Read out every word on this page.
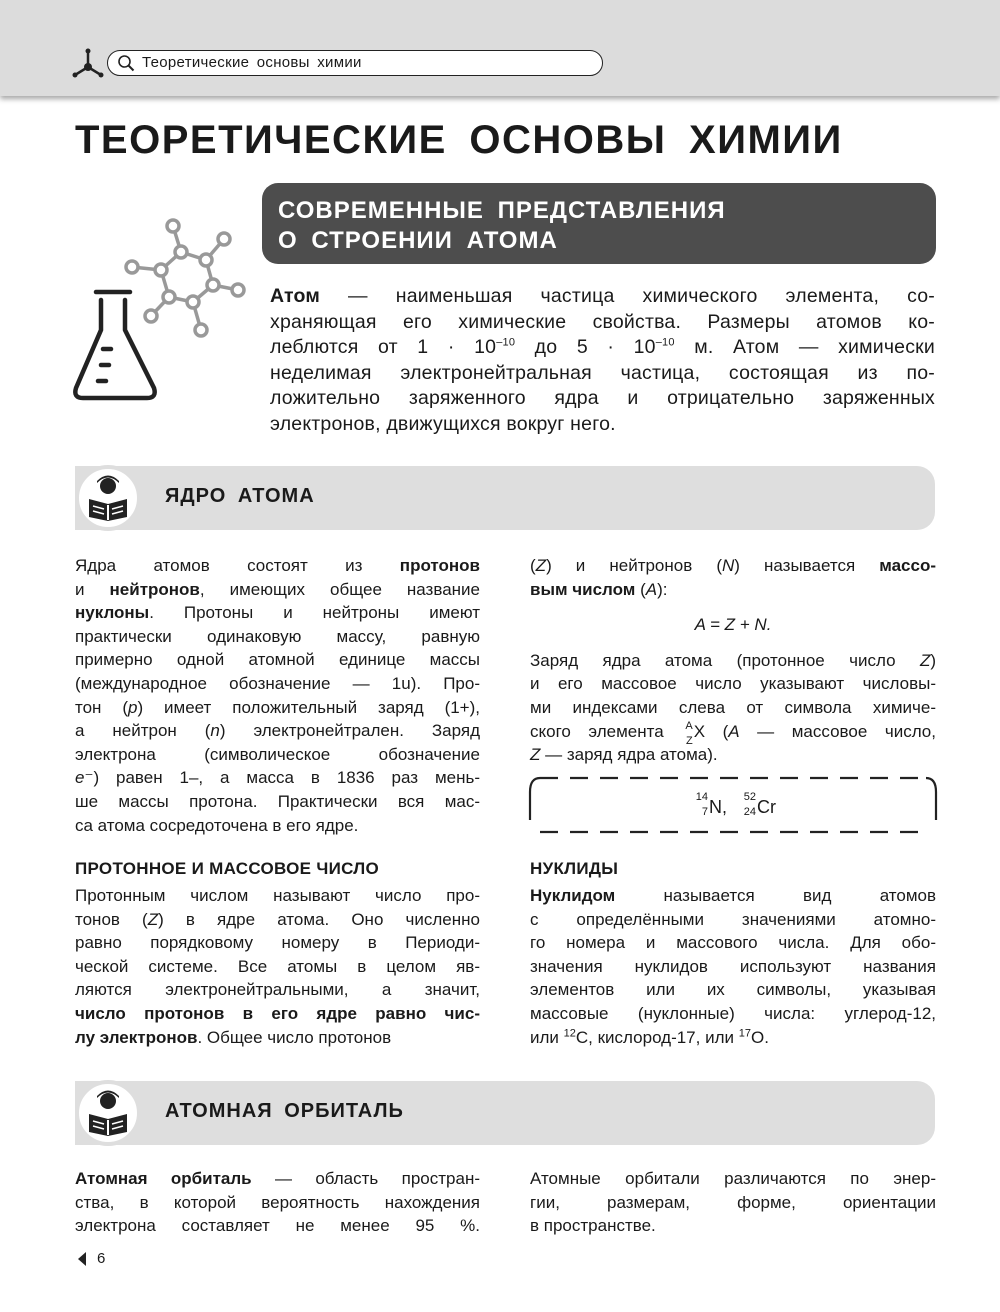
Теоретические основы химии
ТЕОРЕТИЧЕСКИЕ ОСНОВЫ ХИМИИ
СОВРЕМЕННЫЕ ПРЕДСТАВЛЕНИЯ
О СТРОЕНИИ АТОМА
Атом — наименьшая частица химического элемента, со-
храняющая его химические свойства. Размеры атомов ко-
леблются от $1 \cdot 10^{-10}$ до $5 \cdot 10^{-10}$ м. Атом — химически
неделимая электронейтральная частица, состоящая из по-
ложительно заряженного ядра и отрицательно заряженных
электронов, движущихся вокруг него.
ЯДРО АТОМА
Ядра атомов состоят из протонов
и нейтронов, имеющих общее название
нуклоны. Протоны и нейтроны имеют
практически одинаковую массу, равную
примерно одной атомной единице массы
(международное обозначение — 1u). Про-
тон (p) имеет положительный заряд (1+),
а нейтрон (n) электронейтрален. Заряд
электрона (символическое обозначение
e⁻) равен 1–, а масса в 1836 раз мень-
ше массы протона. Практически вся мас-
са атома сосредоточена в его ядре.
ПРОТОННОЕ И МАССОВОЕ ЧИСЛО
Протонным числом называют число про-
тонов (Z) в ядре атома. Оно численно
равно порядковому номеру в Периоди-
ческой системе. Все атомы в целом яв-
ляются электронейтральными, а значит,
число протонов в его ядре равно чис-
лу электронов. Общее число протонов
(Z) и нейтронов (N) называется массо-
вым числом (A):
A = Z + N.
Заряд ядра атома (протонное число Z)
и его массовое число указывают числовы-
ми индексами слева от символа химиче-
ского элемента A
Z
X (A — массовое число,
Z — заряд ядра атома).
14
7 N, 52
24 Cr
НУКЛИДЫ
Нуклидом называется вид атомов
с определёнными значениями атомно-
го номера и массового числа. Для обо-
значения нуклидов используют названия
элементов или их символы, указывая
массовые (нуклонные) числа: углерод-12,
или $^{12}$C, кислород-17, или $^{17}$O.
АТОМНАЯ ОРБИТАЛЬ
Атомная орбиталь — область простран-
ства, в которой вероятность нахождения
электрона составляет не менее 95 %.
Атомные орбитали различаются по энер-
гии, размерам, форме, ориентации
в пространстве.
6
